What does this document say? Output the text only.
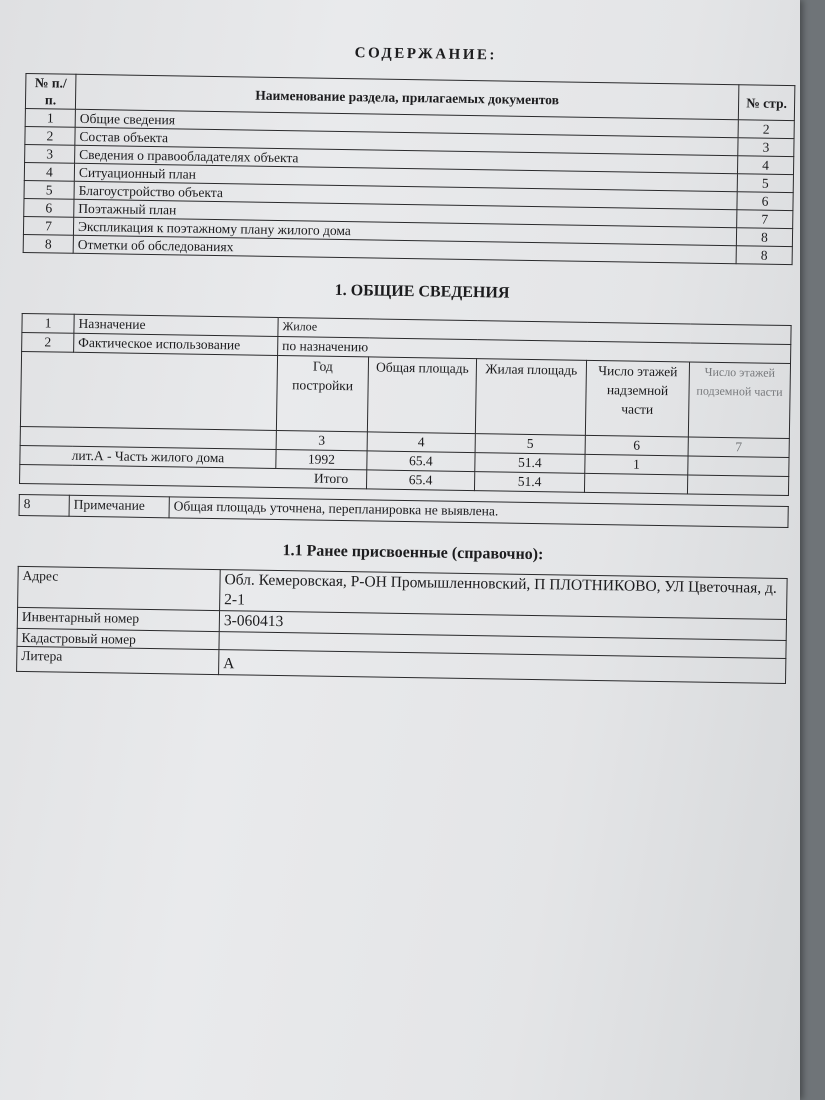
СОДЕРЖАНИЕ:
№ п./п.	Наименование раздела, прилагаемых документов	№ стр.
1	Общие сведения	2
2	Состав объекта	3
3	Сведения о правообладателях объекта	4
4	Ситуационный план	5
5	Благоустройство объекта	6
6	Поэтажный план	7
7	Экспликация к поэтажному плану жилого дома	8
8	Отметки об обследованиях	8
1. ОБЩИЕ СВЕДЕНИЯ
1	Назначение	Жилое				
2	Фактическое использование	по назначению				
		Год постройки	Общая площадь	Жилая площадь	Число этажей надземной части	Число этажей подземной части
		3	4	5	6	7
лит.А - Часть жилого дома		1992	65.4	51.4	1	
Итого			65.4	51.4		
8	Примечание	Общая площадь уточнена, перепланировка не выявлена.
1.1 Ранее присвоенные (справочно):
Адрес	Обл. Кемеровская, Р-ОН Промышленновский, П ПЛОТНИКОВО, УЛ Цветочная, д. 2-1
Инвентарный номер	3-060413
Кадастровый номер	
Литера	А
